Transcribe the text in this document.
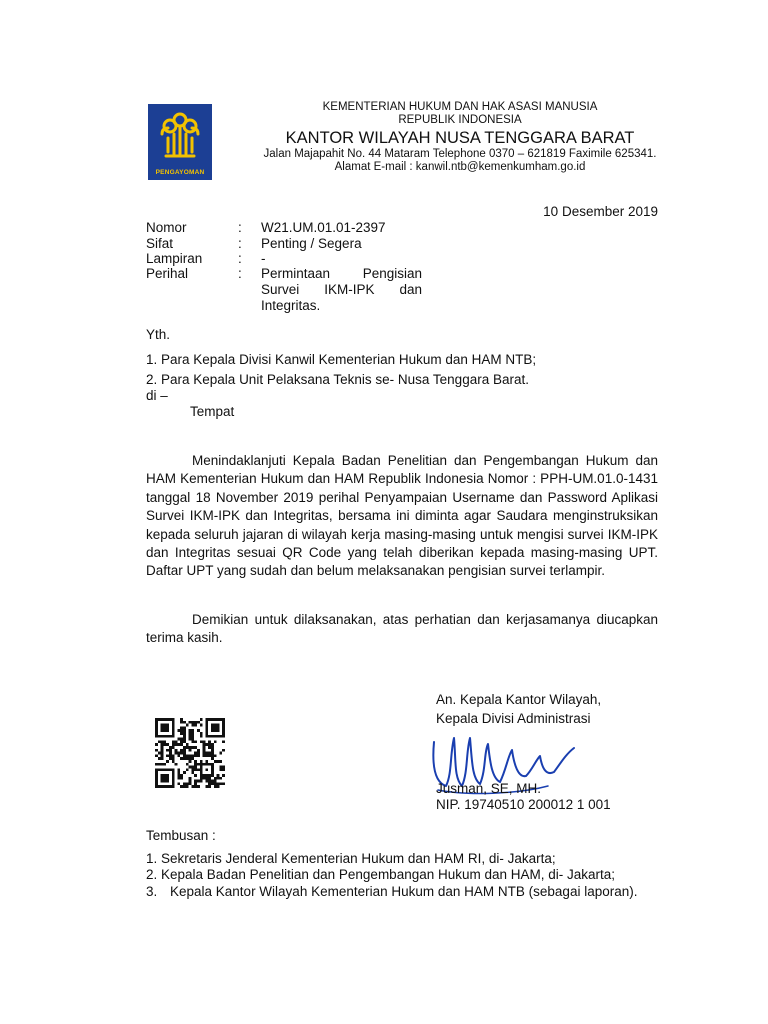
PENGAYOMAN
KEMENTERIAN HUKUM DAN HAK ASASI MANUSIA
REPUBLIK INDONESIA
KANTOR WILAYAH NUSA TENGGARA BARAT
Jalan Majapahit No. 44 Mataram Telephone 0370 – 621819 Faximile 625341.
Alamat E-mail : kanwil.ntb@kemenkumham.go.id
10 Desember 2019
Nomor	: W21.UM.01.01-2397
Sifat	: Penting / Segera
Lampiran	: -
Perihal	: Permintaan Pengisian Survei IKM-IPK dan Integritas.
Yth.
1. Para Kepala Divisi Kanwil Kementerian Hukum dan HAM NTB;
2. Para Kepala Unit Pelaksana Teknis se- Nusa Tenggara Barat.
di –
Tempat
Menindaklanjuti Kepala Badan Penelitian dan Pengembangan Hukum dan HAM Kementerian Hukum dan HAM Republik Indonesia Nomor : PPH-UM.01.0-1431 tanggal 18 November 2019 perihal Penyampaian Username dan Password Aplikasi Survei IKM-IPK dan Integritas, bersama ini diminta agar Saudara menginstruksikan kepada seluruh jajaran di wilayah kerja masing-masing untuk mengisi survei IKM-IPK dan Integritas sesuai QR Code yang telah diberikan kepada masing-masing UPT. Daftar UPT yang sudah dan belum melaksanakan pengisian survei terlampir.
Demikian untuk dilaksanakan, atas perhatian dan kerjasamanya diucapkan terima kasih.
An. Kepala Kantor Wilayah,
Kepala Divisi Administrasi
Jusman, SE, MH.
NIP. 19740510 200012 1 001
Tembusan :
1. Sekretaris Jenderal Kementerian Hukum dan HAM RI, di- Jakarta;
2. Kepala Badan Penelitian dan Pengembangan Hukum dan HAM, di- Jakarta;
3. Kepala Kantor Wilayah Kementerian Hukum dan HAM NTB (sebagai laporan).
